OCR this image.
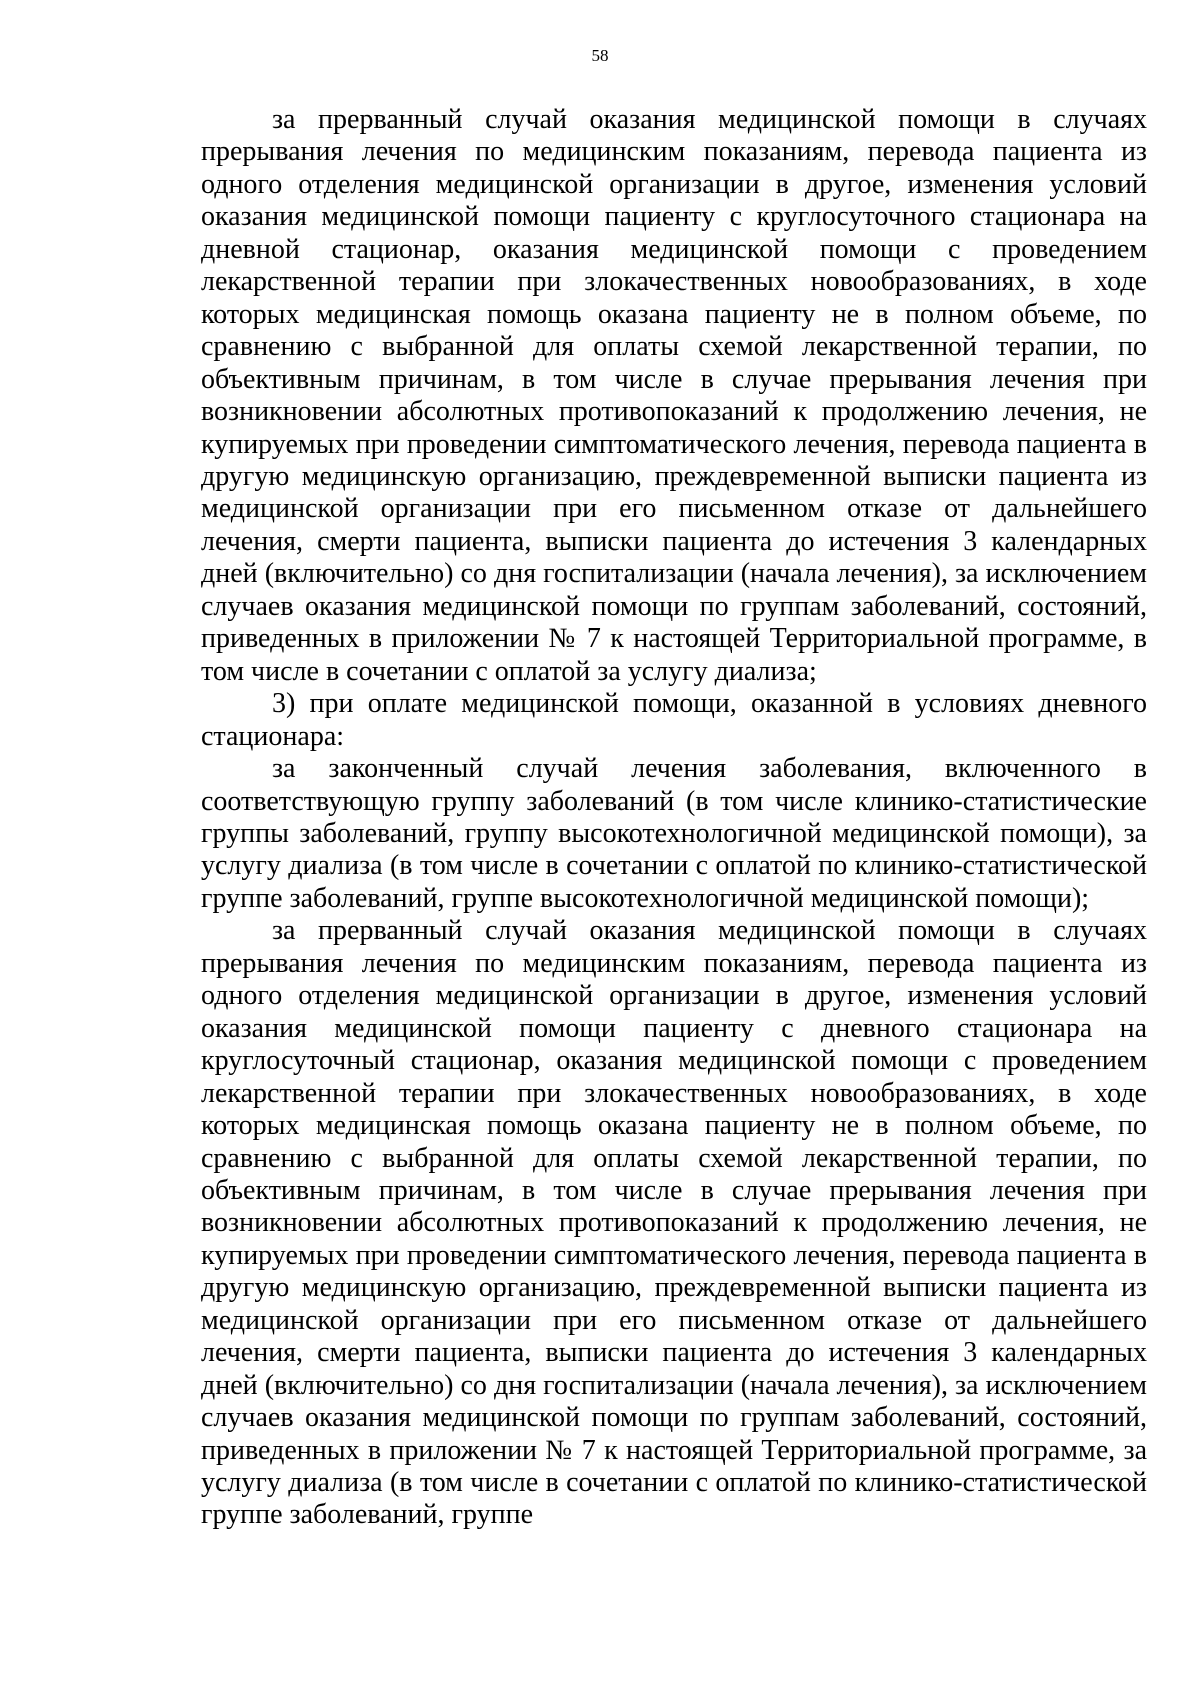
58

за прерванный случай оказания медицинской помощи в случаях прерывания лечения по медицинским показаниям, перевода пациента из одного отделения медицинской организации в другое, изменения условий оказания медицинской помощи пациенту с круглосуточного стационара на дневной стационар, оказания медицинской помощи с проведением лекарственной терапии при злокачественных новообразованиях, в ходе которых медицинская помощь оказана пациенту не в полном объеме, по сравнению с выбранной для оплаты схемой лекарственной терапии, по объективным причинам, в том числе в случае прерывания лечения при возникновении абсолютных противопоказаний к продолжению лечения, не купируемых при проведении симптоматического лечения, перевода пациента в другую медицинскую организацию, преждевременной выписки пациента из медицинской организации при его письменном отказе от дальнейшего лечения, смерти пациента, выписки пациента до истечения 3 календарных дней (включительно) со дня госпитализации (начала лечения), за исключением случаев оказания медицинской помощи по группам заболеваний, состояний, приведенных в приложении № 7 к настоящей Территориальной программе, в том числе в сочетании с оплатой за услугу диализа;

3) при оплате медицинской помощи, оказанной в условиях дневного стационара:

за законченный случай лечения заболевания, включенного в соответствующую группу заболеваний (в том числе клинико-статистические группы заболеваний, группу высокотехнологичной медицинской помощи), за услугу диализа (в том числе в сочетании с оплатой по клинико-статистической группе заболеваний, группе высокотехнологичной медицинской помощи);

за прерванный случай оказания медицинской помощи в случаях прерывания лечения по медицинским показаниям, перевода пациента из одного отделения медицинской организации в другое, изменения условий оказания медицинской помощи пациенту с дневного стационара на круглосуточный стационар, оказания медицинской помощи с проведением лекарственной терапии при злокачественных новообразованиях, в ходе которых медицинская помощь оказана пациенту не в полном объеме, по сравнению с выбранной для оплаты схемой лекарственной терапии, по объективным причинам, в том числе в случае прерывания лечения при возникновении абсолютных противопоказаний к продолжению лечения, не купируемых при проведении симптоматического лечения, перевода пациента в другую медицинскую организацию, преждевременной выписки пациента из медицинской организации при его письменном отказе от дальнейшего лечения, смерти пациента, выписки пациента до истечения 3 календарных дней (включительно) со дня госпитализации (начала лечения), за исключением случаев оказания медицинской помощи по группам заболеваний, состояний, приведенных в приложении № 7 к настоящей Территориальной программе, за услугу диализа (в том числе в сочетании с оплатой по клинико-статистической группе заболеваний, группе
